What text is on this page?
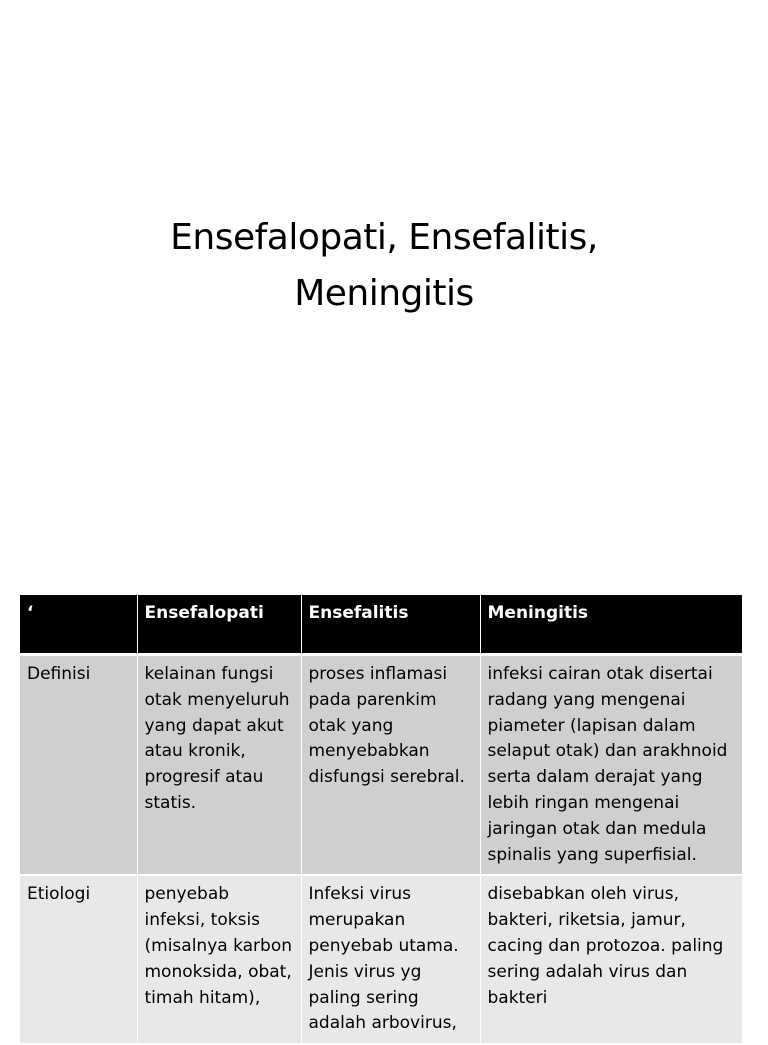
Ensefalopati, Ensefalitis,
Meningitis
‘	Ensefalopati	Ensefalitis	Meningitis
Definisi	kelainan fungsi otak menyeluruh yang dapat akut atau kronik, progresif atau statis.	proses inflamasi pada parenkim otak yang menyebabkan disfungsi serebral.	infeksi cairan otak disertai radang yang mengenai piameter (lapisan dalam selaput otak) dan arakhnoid serta dalam derajat yang lebih ringan mengenai jaringan otak dan medula spinalis yang superfisial.
Etiologi	penyebab infeksi, toksis (misalnya karbon monoksida, obat, timah hitam),	Infeksi virus merupakan penyebab utama. Jenis virus yg paling sering adalah arbovirus,	disebabkan oleh virus, bakteri, riketsia, jamur, cacing dan protozoa. paling sering adalah virus dan bakteri
